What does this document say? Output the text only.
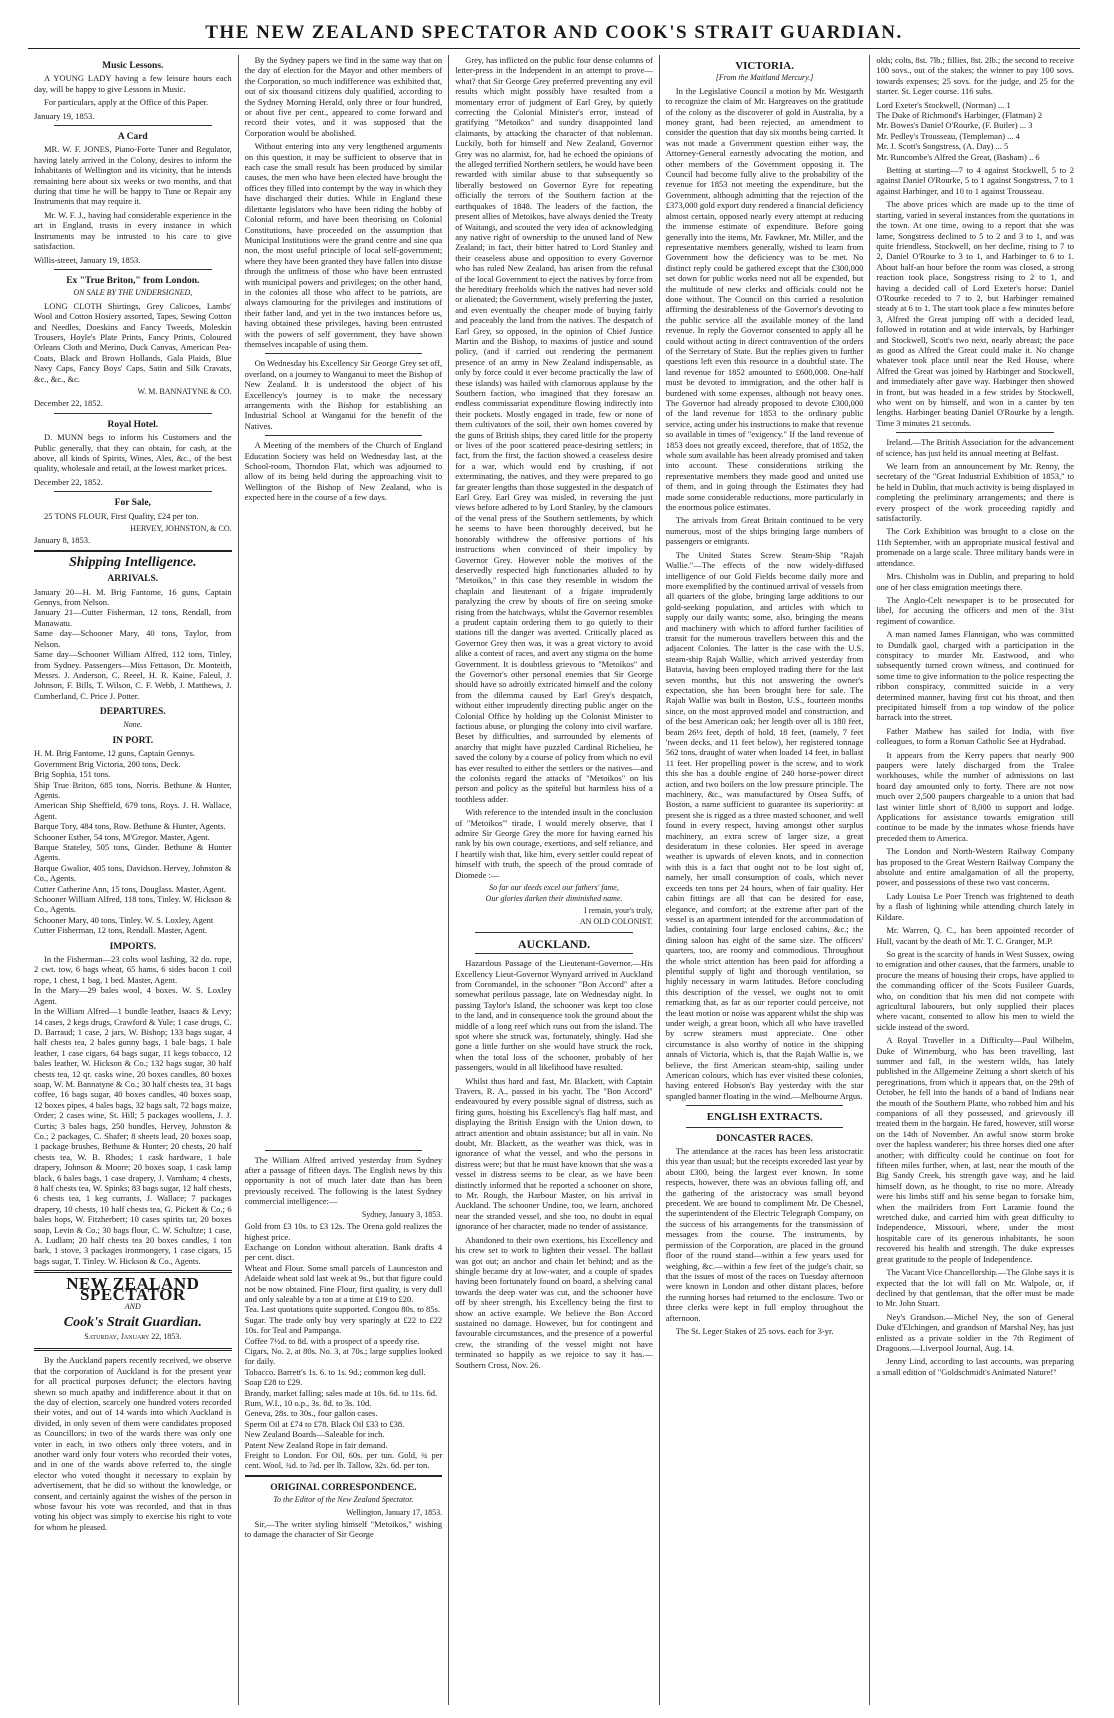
THE NEW ZEALAND SPECTATOR AND COOK'S STRAIT GUARDIAN.
Music Lessons.

A YOUNG LADY having a few leisure hours each day, will be happy to give Lessons in Music.

For particulars, apply at the Office of this Paper.

January 19, 1853.

A Card

MR. W. F. JONES, Piano-Forte Tuner and Regulator, having lately arrived in the Colony, desires to inform the Inhabitants of Wellington and its vicinity, that he intends remaining here about six weeks or two months, and that during that time he will be happy to Tune or Repair any Instruments that may require it.

Mr. W. F. J., having had considerable experience in the art in England, trusts in every instance in which Instruments may be intrusted to his care to give satisfaction.

Willis-street, January 19, 1853.

Ex "True Briton," from London.
ON SALE BY THE UNDERSIGNED,

LONG CLOTH Shirtings, Grey Calicoes, Lambs' Wool and Cotton Hosiery assorted, Tapes, Sewing Cotton and Needles, Doeskins and Fancy Tweeds, Moleskin Trousers, Hoyle's Plate Prints, Fancy Prints, Coloured Orleans Cloth and Merino, Duck Canvas, American Pea-Coats, Black and Brown Hollands, Gala Plaids, Blue Navy Caps, Fancy Boys' Caps, Satin and Silk Cravats, &c., &c., &c.

W. M. BANNATYNE & CO.

December 22, 1852.

Royal Hotel.

D. MUNN begs to inform his Customers and the Public generally, that they can obtain, for cash, at the above, all kinds of Spirits, Wines, Ales, &c., of the best quality, wholesale and retail, at the lowest market prices.

December 22, 1852.

For Sale,

25 TONS FLOUR, First Quality, £24 per ton.

HERVEY, JOHNSTON, & CO.

January 8, 1853.

Shipping Intelligence.
ARRIVALS.

January 20—H. M. Brig Fantome, 16 guns, Captain Gennys, from Nelson.
January 21—Cutter Fisherman, 12 tons, Rendall, from Manawatu.
Same day—Schooner Mary, 40 tons, Taylor, from Nelson.
Same day—Schooner William Alfred, 112 tons, Tinley, from Sydney. Passengers—Miss Fettason, Dr. Monteith, Messrs. J. Anderson, C. Reeel, H. R. Kaine, Faleul, J. Johnson, F. Bills, T. Wilson, C. F. Webb, J. Matthews, J. Cumberland, C. Price J. Potter.

DEPARTURES.
None.
IN PORT.

H. M. Brig Fantome, 12 guns, Captain Gennys.
Government Brig Victoria, 200 tons, Deck.
Brig Sophia, 151 tons.
Ship True Briton, 685 tons, Norris. Bethune & Hunter, Agents.
American Ship Sheffield, 679 tons, Roys. J. H. Wallace, Agent.
Barque Tory, 484 tons, Row. Bethune & Hunter, Agents.
Schooner Esther, 54 tons, M'Gregor. Master, Agent.
Barque Stateley, 505 tons, Ginder. Bethune & Hunter Agents.
Barque Gwalior, 405 tons, Davidson. Hervey, Johnston & Co., Agents.
Cutter Catherine Ann, 15 tons, Douglass. Master, Agent.
Schooner William Alfred, 118 tons, Tinley. W. Hickson & Co., Agents.
Schooner Mary, 40 tons, Tinley. W. S. Loxley, Agent
Cutter Fisherman, 12 tons, Rendall. Master, Agent.

IMPORTS.

In the Fisherman—23 colts wool lashing, 32 do. rope, 2 cwt. tow, 6 bags wheat, 65 hams, 6 sides bacon 1 coil rope, 1 chest, 1 bag, 1 bed. Master, Agent.
In the Mary—29 bales wool, 4 boxes. W. S. Loxley Agent.
In the William Alfred—1 bundle leather, Isaacs & Levy; 14 cases, 2 kegs drugs, Crawford & Yule; 1 case drugs, C. D. Barraud; 1 case, 2 jars, W. Bishop; 133 bags sugar, 4 half chests tea, 2 bales gunny bags, 1 bale bags, 1 bale leather, 1 case cigars, 64 bags sugar, 11 kegs tobacco, 12 bales leather, W. Hickson & Co.; 132 bags sugar, 30 half chests tea, 12 qr. casks wine, 20 boxes candles, 80 boxes soap, W. M. Bannatyne & Co.; 30 half chests tea, 31 bags coffee, 16 bags sugar, 40 boxes candles, 40 boxes soap, 12 boxes pipes, 4 bales bags, 32 bags salt, 72 bags maize, Order; 2 cases wine, St. Hill; 5 packages woollens, J. J. Curtis; 3 bales bags, 250 bundles, Hervey, Johnston & Co.; 2 packages, C. Shafer; 8 sheets lead, 20 boxes soap, 1 package brushes, Bethune & Hunter; 20 chests, 20 half chests tea, W. B. Rhodes; 1 cask hardware, 1 bale drapery, Johnson & Moore; 20 boxes soap, 1 cask lamp black, 6 bales bags, 1 case drapery, J. Varnham; 4 chests, 8 half chests tea, W. Spinks; 83 bags sugar, 12 half chests, 6 chests tea, 1 keg currants, J. Wallace; 7 packages drapery, 10 chests, 10 half chests tea, G. Pickett & Co.; 6 bales hops, W. Fitzherbert; 10 cases spirits tar, 20 boxes soap, Levin & Co.; 30 bags flour, C. W. Schultze; 1 case, A. Ludlam; 20 half chests tea 20 boxes candles, 1 ton bark, 1 stove, 3 packages ironmongery, 1 case cigars, 15 bags sugar, T. Tinley. W. Hickson & Co., Agents.

NEW ZEALAND SPECTATOR
AND
Cook's Strait Guardian.
Saturday, January 22, 1853.

By the Auckland papers recently received, we observe that the corporation of Auckland is for the present year for all practical purposes defunct; the electors having shewn so much apathy and indifference about it that on the day of election, scarcely one hundred voters recorded their votes, and out of 14 wards into which Auckland is divided, in only seven of them were candidates proposed as Councillors; in two of the wards there was only one voter in each, in two others only three voters, and in another ward only four voters who recorded their votes, and in one of the wards above referred to, the single elector who voted thought it necessary to explain by advertisement, that he did so without the knowledge, or consent, and certainly against the wishes of the person in whose favour his vote was recorded, and that in thus voting his object was simply to exercise his right to vote for whom he pleased.

By the Sydney papers we find in the same way that on the day of election for the Mayor and other members of the Corporation, so much indifference was exhibited that, out of six thousand citizens duly qualified, according to the Sydney Morning Herald, only three or four hundred, or about five per cent., appeared to come forward and record their votes, and it was supposed that the Corporation would be abolished.

Without entering into any very lengthened arguments on this question, it may be sufficient to observe that in each case the small result has been produced by similar causes, the men who have been elected have brought the offices they filled into contempt by the way in which they have discharged their duties. While in England these dilettante legislators who have been riding the hobby of Colonial reform, and have been theorising on Colonial Constitutions, have proceeded on the assumption that Municipal Institutions were the grand centre and sine qua non, the most useful principle of local self-government; where they have been granted they have fallen into disuse through the unfitness of those who have been entrusted with municipal powers and privileges; on the other hand, in the colonies all those who affect to be patriots, are always clamouring for the privileges and institutions of their father land, and yet in the two instances before us, having obtained these privileges, having been entrusted with the powers of self government, they have shown themselves incapable of using them.

On Wednesday his Excellency Sir George Grey set off, overland, on a journey to Wanganui to meet the Bishop of New Zealand. It is understood the object of his Excellency's journey is to make the necessary arrangements with the Bishop for establishing an Industrial School at Wanganui for the benefit of the Natives.

A Meeting of the members of the Church of England Education Society was held on Wednesday last, at the School-room, Thorndon Flat, which was adjourned to allow of its being held during the approaching visit to Wellington of the Bishop of New Zealand, who is expected here in the course of a few days.

The William Alfred arrived yesterday from Sydney after a passage of fifteen days. The English news by this opportunity is not of much later date than has been previously received. The following is the latest Sydney commercial intelligence:—

Sydney, January 3, 1853.

Gold from £3 10s. to £3 12s. The Orena gold realizes the highest price.
Exchange on London without alteration. Bank drafts 4 per cent. disct.
Wheat and Flour. Some small parcels of Launceston and Adelaide wheat sold last week at 9s., but that figure could not be now obtained. Fine Flour, first quality, is very dull and only saleable by a ton at a time at £19 to £20.
Tea. Last quotations quite supported. Congou 80s. to 85s.
Sugar. The trade only buy very sparingly at £22 to £22 10s. for Teal and Pampanga.
Coffee 7½d. to 8d. with a prospect of a speedy rise.
Cigars, No. 2, at 80s. No. 3, at 70s.; large supplies looked for daily.
Tobacco. Barrett's 1s. 6. to 1s. 9d.; common keg dull.
Soap £28 to £29.
Brandy, market falling; sales made at 10s. 6d. to 11s. 6d.
Rum, W.I., 10 o.p., 3s. 8d. to 3s. 10d.
Geneva, 28s. to 30s., four gallon cases.
Sperm Oil at £74 to £78. Black Oil £33 to £38.
New Zealand Boards—Saleable for inch.
Patent New Zealand Rope in fair demand.
Freight to London. For Oil, 60s. per tun. Gold, ¾ per cent. Wool, ¾d. to ⅞d. per lb. Tallow, 32s. 6d. per ton.

ORIGINAL CORRESPONDENCE.
To the Editor of the New Zealand Spectator.
Wellington, January 17, 1853.

Sir,—The writer styling himself "Metoikos," wishing to damage the character of Sir George

Grey, has inflicted on the public four dense columns of letter-press in the Independent in an attempt to prove—what? that Sir George Grey preferred preventing any evil results which might possibly have resulted from a momentary error of judgment of Earl Grey, by quietly correcting the Colonial Minister's error, instead of gratifying "Metoikos" and sundry disappointed land claimants, by attacking the character of that nobleman. Luckily, both for himself and New Zealand, Governor Grey was no alarmist, for, had he echoed the opinions of the alleged terrified Northern settlers, he would have been rewarded with similar abuse to that subsequently so liberally bestowed on Governor Eyre for repeating officially the terrors of the Southern faction at the earthquakes of 1848. The leaders of the faction, the present allies of Metoikos, have always denied the Treaty of Waitangi, and scouted the very idea of acknowledging any native right of ownership to the unused land of New Zealand; in fact, their bitter hatred to Lord Stanley and their ceaseless abuse and opposition to every Governor who has ruled New Zealand, has arisen from the refusal of the local Government to eject the natives by force from the hereditary freeholds which the natives had never sold or alienated; the Government, wisely preferring the juster, and even eventually the cheaper mode of buying fairly and peaceably the land from the natives. The despatch of Earl Grey, so opposed, in the opinion of Chief Justice Martin and the Bishop, to maxims of justice and sound policy, (and if carried out rendering the permanent presence of an army in New Zealand indispensable, as only by force could it ever become practically the law of these islands) was hailed with clamorous applause by the Southern faction, who imagined that they foresaw an endless commissariat expenditure flowing indirectly into their pockets. Mostly engaged in trade, few or none of them cultivators of the soil, their own homes covered by the guns of British ships, they cared little for the property or lives of the poor scattered peace-desiring settlers; in fact, from the first, the faction showed a ceaseless desire for a war, which would end by crushing, if not exterminating, the natives, and they were prepared to go far greater lengths than those suggested in the despatch of Earl Grey. Earl Grey was misled, in reversing the just views before adhered to by Lord Stanley, by the clamours of the venal press of the Southern settlements, by which he seems to have been thoroughly deceived, but he honorably withdrew the offensive portions of his instructions when convinced of their impolicy by Governor Grey. However noble the motives of the deservedly respected high functionaries alluded to by "Metoikos," in this case they resemble in wisdom the chaplain and lieutenant of a frigate imprudently paralyzing the crew by shouts of fire on seeing smoke rising from the hatchways, whilst the Governor resembles a prudent captain ordering them to go quietly to their stations till the danger was averted. Critically placed as Governor Grey then was, it was a great victory to avoid alike a contest of races, and avert any stigma on the home Government. It is doubtless grievous to "Metoikos" and the Governor's other personal enemies that Sir George should have so adroitly extricated himself and the colony from the dilemma caused by Earl Grey's despatch, without either imprudently directing public anger on the Colonial Office by holding up the Colonist Minister to factious abuse, or plunging the colony into civil warfare. Beset by difficulties, and surrounded by elements of anarchy that might have puzzled Cardinal Richelieu, he saved the colony by a course of policy from which no evil has ever resulted to either the settlers or the natives—and the colonists regard the attacks of "Metoikos" on his person and policy as the spiteful but harmless hiss of a toothless adder.

With reference to the intended insult in the conclusion of "Metoikos'" tirade, I would merely observe, that I admire Sir George Grey the more for having earned his rank by his own courage, exertions, and self reliance, and I heartily wish that, like him, every settler could repeat of himself with truth, the speech of the proud comrade of Diomede :—

So far our deeds excel our fathers' fame,
Our glories darken their diminished name.
I remain, your's truly,
AN OLD COLONIST.
AUCKLAND.

Hazardous Passage of the Lieutenant-Governor.—His Excellency Lieut-Governor Wynyard arrived in Auckland from Coromandel, in the schooner "Bon Accord" after a somewhat perilous passage, late on Wednesday night. In passing Taylor's Island, the schooner was kept too close to the land, and in consequence took the ground about the middle of a long reef which runs out from the island. The spot where she struck was, fortunately, shingly. Had she gone a little further on she would have struck the rock, when the total loss of the schooner, probably of her passengers, would in all likelihood have resulted.

Whilst thus hard and fast, Mr. Blackett, with Captain Travers, R. A., passed in his yacht. The "Bon Accord" endeavoured by every possible signal of distress, such as firing guns, hoisting his Excellency's flag half mast, and displaying the British Ensign with the Union down, to attract attention and obtain assistance; but all in vain. No doubt, Mr. Blackett, as the weather was thick, was in ignorance of what the vessel, and who the persons in distress were; but that he must have known that she was a vessel in distress seems to be clear, as we have been distinctly informed that he reported a schooner on shore, to Mr. Rough, the Harbour Master, on his arrival in Auckland. The schooner Undine, too, we learn, anchored near the stranded vessel, and she too, no doubt in equal ignorance of her character, made no tender of assistance.

Abandoned to their own exertions, his Excellency and his crew set to work to lighten their vessel. The ballast was got out; an anchor and chain let behind; and as the shingle became dry at low-water, and a couple of spades having been fortunately found on board, a shelving canal towards the deep water was cut, and the schooner hove off by sheer strength, his Excellency being the first to show an active example. We believe the Bon Accord sustained no damage. However, but for contingent and favourable circumstances, and the presence of a powerful crew, the stranding of the vessel might not have terminated so happily as we rejoice to say it has.—Southern Cross, Nov. 26.

VICTORIA.
[From the Maitland Mercury.]

In the Legislative Council a motion by Mr. Westgarth to recognize the claim of Mr. Hargreaves on the gratitude of the colony as the discoverer of gold in Australia, by a money grant, had been rejected, an amendment to consider the question that day six months being carried. It was not made a Government question either way, the Attorney-General earnestly advocating the motion, and other members of the Government opposing it. The Council had become fully alive to the probability of the revenue for 1853 not meeting the expenditure, but the Government, although admitting that the rejection of the £373,000 gold export duty rendered a financial deficiency almost certain, opposed nearly every attempt at reducing the immense estimate of expenditure. Before going generally into the items, Mr. Fawkner, Mr. Miller, and the representative members generally, wished to learn from Government how the deficiency was to be met. No distinct reply could be gathered except that the £300,000 set down for public works need not all be expended, but the multitude of new clerks and officials could not be done without. The Council on this carried a resolution affirming the desirableness of the Governor's devoting to the public service all the available money of the land revenue. In reply the Governor consented to apply all he could without acting in direct contravention of the orders of the Secretary of State. But the replies given to further questions left even this resource in a doubtful state. The land revenue for 1852 amounted to £600,000. One-half must be devoted to immigration, and the other half is burdened with some expenses, although not heavy ones. The Governor had already proposed to devote £300,000 of the land revenue for 1853 to the ordinary public service, acting under his instructions to make that revenue so available in times of "exigency." If the land revenue of 1853 does not greatly exceed, therefore, that of 1852, the whole sum available has been already promised and taken into account. These considerations striking the representative members they made good and united use of them, and in going through the Estimates they had made some considerable reductions, more particularly in the enormous police estimates.

The arrivals from Great Britain continued to be very numerous, most of the ships bringing large numbers of passengers or emigrants.

The United States Screw Steam-Ship "Rajah Wallie."—The effects of the now widely-diffused intelligence of our Gold Fields become daily more and more exemplified by the continued arrival of vessels from all quarters of the globe, bringing large additions to our gold-seeking population, and articles with which to supply our daily wants; some, also, bringing the means and machinery with which to afford further facilities of transit for the numerous travellers between this and the adjacent Colonies. The latter is the case with the U.S. steam-ship Rajah Wallie, which arrived yesterday from Batavia, having been employed trading there for the last seven months, but this not answering the owner's expectation, she has been brought here for sale. The Rajah Wallie was built in Boston, U.S., fourteen months since, on the most approved model and construction, and of the best American oak; her length over all is 180 feet, beam 26½ feet, depth of hold, 18 feet, (namely, 7 feet 'tween decks, and 11 feet below), her registered tonnage 562 tons, draught of water when loaded 14 feet, in ballast 11 feet. Her propelling power is the screw, and to work this she has a double engine of 240 horse-power direct action, and two boilers on the low pressure principle. The machinery, &c., was manufactured by Otsea Suffs, of Boston, a name sufficient to guarantee its superiority: at present she is rigged as a three masted schooner, and well found in every respect, having amongst other surplus machinery, an extra screw of larger size, a great desideratum in these colonies. Her speed in average weather is upwards of eleven knots, and in connection with this is a fact that ought not to be lost sight of, namely, her small consumption of coals, which never exceeds ten tons per 24 hours, when of fair quality. Her cabin fittings are all that can be desired for ease, elegance, and comfort; at the extreme after part of the vessel is an apartment intended for the accommodation of ladies, containing four large enclosed cabins, &c.; the dining saloon has eight of the same size. The officers' quarters, too, are roomy and commodious. Throughout the whole strict attention has been paid for affording a plentiful supply of light and thorough ventilation, so highly necessary in warm latitudes. Before concluding this description of the vessel, we ought not to omit remarking that, as far as our reporter could perceive, not the least motion or noise was apparent whilst the ship was under weigh, a great boon, which all who have travelled by screw steamers must appreciate. One other circumstance is also worthy of notice in the shipping annals of Victoria, which is, that the Rajah Wallie is, we believe, the first American steam-ship, sailing under American colours, which has ever visited these colonies, having entered Hobson's Bay yesterday with the star spangled banner floating in the wind.—Melbourne Argus.

ENGLISH EXTRACTS.
DONCASTER RACES.

The attendance at the races has been less aristocratic this year than usual; but the receipts exceeded last year by about £300, being the largest ever known. In some respects, however, there was an obvious falling off, and the gathering of the aristocracy was small beyond precedent. We are bound to compliment Mr. De Chesnel, the superintendent of the Electric Telegraph Company, on the success of his arrangements for the transmission of messages from the course. The instruments, by permission of the Corporation, are placed in the ground floor of the round stand—within a few years used for weighing, &c.—within a few feet of the judge's chair, so that the issues of most of the races on Tuesday afternoon were known in London and other distant places, before the running horses had returned to the enclosure. Two or three clerks were kept in full employ throughout the afternoon.

The St. Leger Stakes of 25 sovs. each for 3-yr.

olds; colts, 8st. 7lb.; fillies, 8st. 2lb.; the second to receive 100 sovs., out of the stakes; the winner to pay 100 sovs. towards expenses; 25 sovs. for the judge, and 25 for the starter. St. Leger course. 116 subs.

Lord Exeter's Stockwell, (Norman) ... 1
The Duke of Richmond's Harbinger, (Flatman) 2
Mr. Bowes's Daniel O'Rourke, (F. Butler) ... 3
Mr. Pedley's Trousseau, (Templeman) ... 4
Mr. J. Scott's Songstress, (A. Day) ... 5
Mr. Runcombe's Alfred the Great, (Basham) .. 6

Betting at starting—7 to 4 against Stockwell, 5 to 2 against Daniel O'Rourke, 5 to 1 against Songstress, 7 to 1 against Harbinger, and 10 to 1 against Trousseau.

The above prices which are made up to the time of starting, varied in several instances from the quotations in the town. At one time, owing to a report that she was lame, Songstress declined to 5 to 2 and 3 to 1, and was quite friendless, Stockwell, on her decline, rising to 7 to 2, Daniel O'Rourke to 3 to 1, and Harbinger to 6 to 1. About half-an hour before the room was closed, a strong reaction took place, Songstress rising to 2 to 1, and having a decided call of Lord Exeter's horse: Daniel O'Rourke receded to 7 to 2, but Harbinger remained steady at 6 to 1. The start took place a few minutes before 3, Alfred the Great jumping off with a decided lead, followed in rotation and at wide intervals, by Harbinger and Stockwell, Scott's two next, nearly abreast; the pace as good as Alfred the Great could make it. No change whatever took place until near the Red House, where Alfred the Great was joined by Harbinger and Stockwell, and immediately after gave way. Harbinger then showed in front, but was headed in a few strides by Stockwell, who went on by himself, and won in a canter by ten lengths. Harbinger beating Daniel O'Rourke by a length. Time 3 minutes 21 seconds.

Ireland.—The British Association for the advancement of science, has just held its annual meeting at Belfast.

We learn from an announcement by Mr. Renny, the secretary of the "Great Industrial Exhibition of 1853," to be held in Dublin, that much activity is being displayed in completing the preliminary arrangements; and there is every prospect of the work proceeding rapidly and satisfactorily.

The Cork Exhibition was brought to a close on the 11th September, with an appropriate musical festival and promenade on a large scale. Three military bands were in attendance.

Mrs. Chisholm was in Dublin, and preparing to hold one of her class emigration meetings there.

The Anglo-Celt newspaper is to be prosecuted for libel, for accusing the officers and men of the 31st regiment of cowardice.

A man named James Flannigan, who was committed to Dundalk gaol, charged with a participation in the conspiracy to murder Mr. Eastwood, and who subsequently turned crown witness, and continued for some time to give information to the police respecting the ribbon conspiracy, committed suicide in a very determined manner, having first cut his throat, and then precipitated himself from a top window of the police barrack into the street.

Father Mathew has sailed for India, with five colleagues, to form a Roman Catholic See at Hydrabad.

It appears from the Kerry papers that nearly 900 paupers were lately discharged from the Tralee workhouses, while the number of admissions on last board day amounted only to forty. There are not now much over 2,500 paupers chargeable to a union that had last winter little short of 8,000 to support and lodge. Applications for assistance towards emigration still continue to be made by the inmates whose friends have preceded them to America.

The London and North-Western Railway Company has proposed to the Great Western Railway Company the absolute and entire amalgamation of all the property, power, and possessions of these two vast concerns.

Lady Louisa Le Poer Trench was frightened to death by a flash of lightning while attending church lately in Kildare.

Mr. Warren, Q. C., has been appointed recorder of Hull, vacant by the death of Mr. T. C. Granger, M.P.

So great is the scarcity of hands in West Sussex, owing to emigration and other causes, that the farmers, unable to procure the means of housing their crops, have applied to the commanding officer of the Scots Fusileer Guards, who, on condition that his men did not compete with agricultural labourers, but only supplied their places where vacant, consented to allow his men to wield the sickle instead of the sword.

A Royal Traveller in a Difficulty—Paul Wilhelm, Duke of Wirtemburg, who has been travelling, last summer and fall, in the western wilds, has lately published in the Allgemeine Zeitung a short sketch of his peregrinations, from which it appears that, on the 29th of October, he fell into the hands of a band of Indians near the mouth of the Southern Platte, who robbed him and his companions of all they possessed, and grievously ill treated them in the bargain. He fared, however, still worse on the 14th of November. An awful snow storm broke over the hapless wanderer; his three horses died one after another; with difficulty could he continue on foot for fifteen miles further, when, at last, near the mouth of the Big Sandy Creek, his strength gave way, and he laid himself down, as he thought, to rise no more. Already were his limbs stiff and his sense began to forsake him, when the mailriders from Fort Laramie found the wretched duke, and carried him with great difficulty to Independence, Missouri, where, under the most hospitable care of its generous inhabitants, he soon recovered his health and strength. The duke expresses great gratitude to the people of Independence.

The Vacant Vice Chancellorship.—The Globe says it is expected that the lot will fall on Mr. Walpole, or, if declined by that gentleman, that the offer must be made to Mr. John Stuart.

Ney's Grandson.—Michel Ney, the son of General Duke d'Elchingen, and grandson of Marshal Ney, has just enlisted as a private soldier in the 7th Regiment of Dragoons.—Liverpool Journal, Aug. 14.

Jenny Lind, according to last accounts, was preparing a small edition of "Goldschmidt's Animated Nature!"
